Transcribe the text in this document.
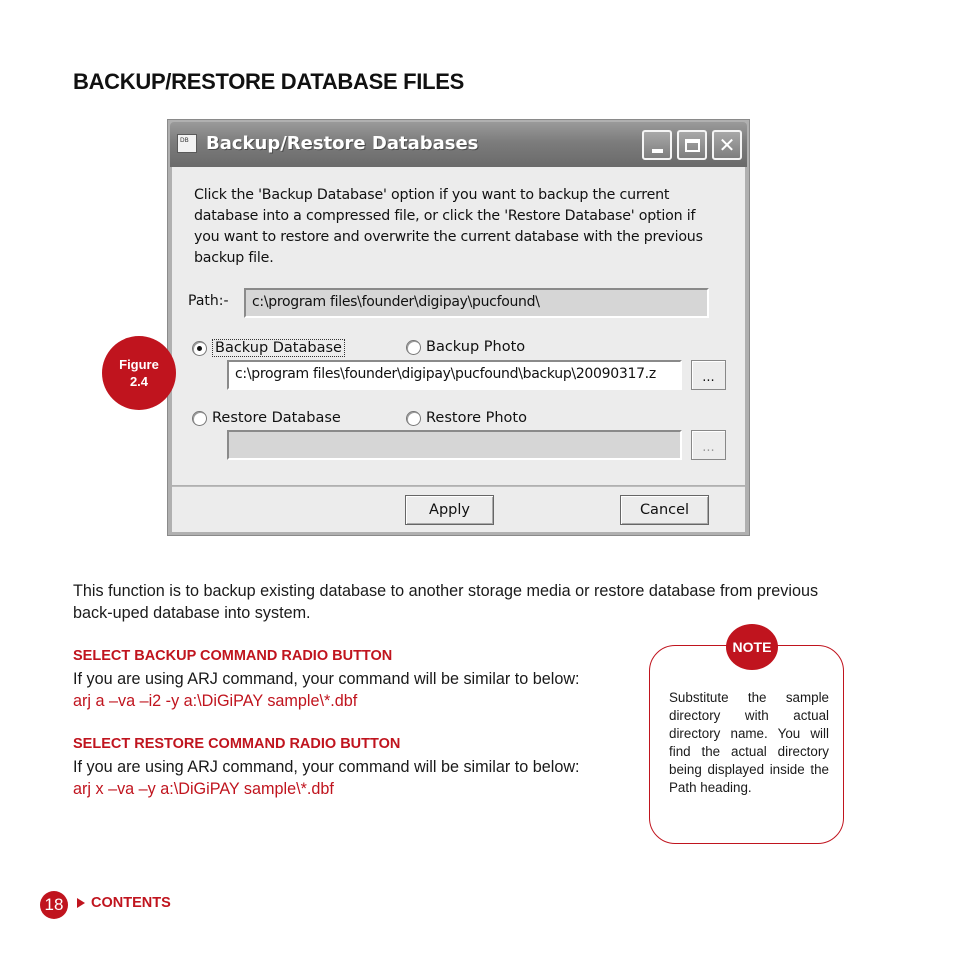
BACKUP/RESTORE DATABASE FILES
DB Backup/Restore Databases	✕
Click the 'Backup Database' option if you want to backup the current database into a compressed file, or click the 'Restore Database' option if you want to restore and overwrite the current database with the previous backup file.
Path:-	c:\program files\founder\digipay\pucfound\
Backup Database	Backup Photo
c:\program files\founder\digipay\pucfound\backup\20090317.z	...
Restore Database	Restore Photo
...
Apply	Cancel
Figure
2.4
This function is to backup existing database to another storage media or restore database from previous back-uped database into system.
SELECT BACKUP COMMAND RADIO BUTTON
If you are using ARJ command, your command will be similar to below:
arj a –va –i2 -y a:\DiGiPAY sample\*.dbf
SELECT RESTORE COMMAND RADIO BUTTON
If you are using ARJ command, your command will be similar to below:
arj x –va –y a:\DiGiPAY sample\*.dbf
NOTE
Substitute the sample directory with actual directory name. You will find the actual directory being displayed inside the Path heading.
18	CONTENTS
